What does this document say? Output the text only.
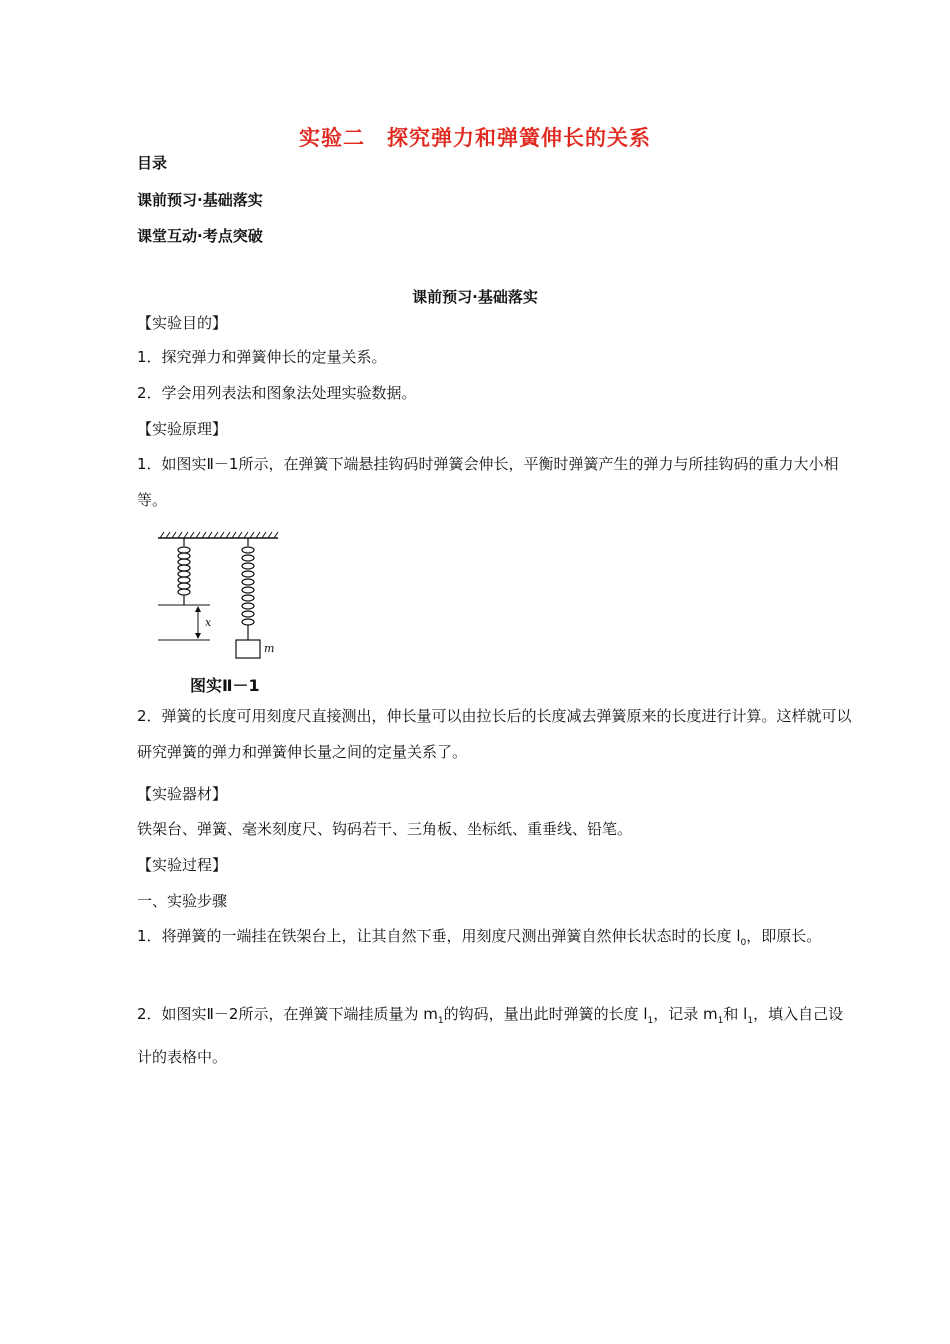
实验二　探究弹力和弹簧伸长的关系
目录
课前预习·基础落实
课堂互动·考点突破
课前预习·基础落实
【实验目的】
1．探究弹力和弹簧伸长的定量关系。
2．学会用列表法和图象法处理实验数据。
【实验原理】
1．如图实Ⅱ－1所示，在弹簧下端悬挂钩码时弹簧会伸长，平衡时弹簧产生的弹力与所挂钩码的重力大小相等。
x
m
图实Ⅱ－1
2．弹簧的长度可用刻度尺直接测出，伸长量可以由拉长后的长度减去弹簧原来的长度进行计算。这样就可以研究弹簧的弹力和弹簧伸长量之间的定量关系了。
【实验器材】
铁架台、弹簧、毫米刻度尺、钩码若干、三角板、坐标纸、重垂线、铅笔。
【实验过程】
一、实验步骤
1．将弹簧的一端挂在铁架台上，让其自然下垂，用刻度尺测出弹簧自然伸长状态时的长度 $l_0$，即原长。
2．如图实Ⅱ－2所示，在弹簧下端挂质量为 $m_1$的钩码，量出此时弹簧的长度 $l_1$，记录 $m_1$和 $l_1$，填入自己设计的表格中。
